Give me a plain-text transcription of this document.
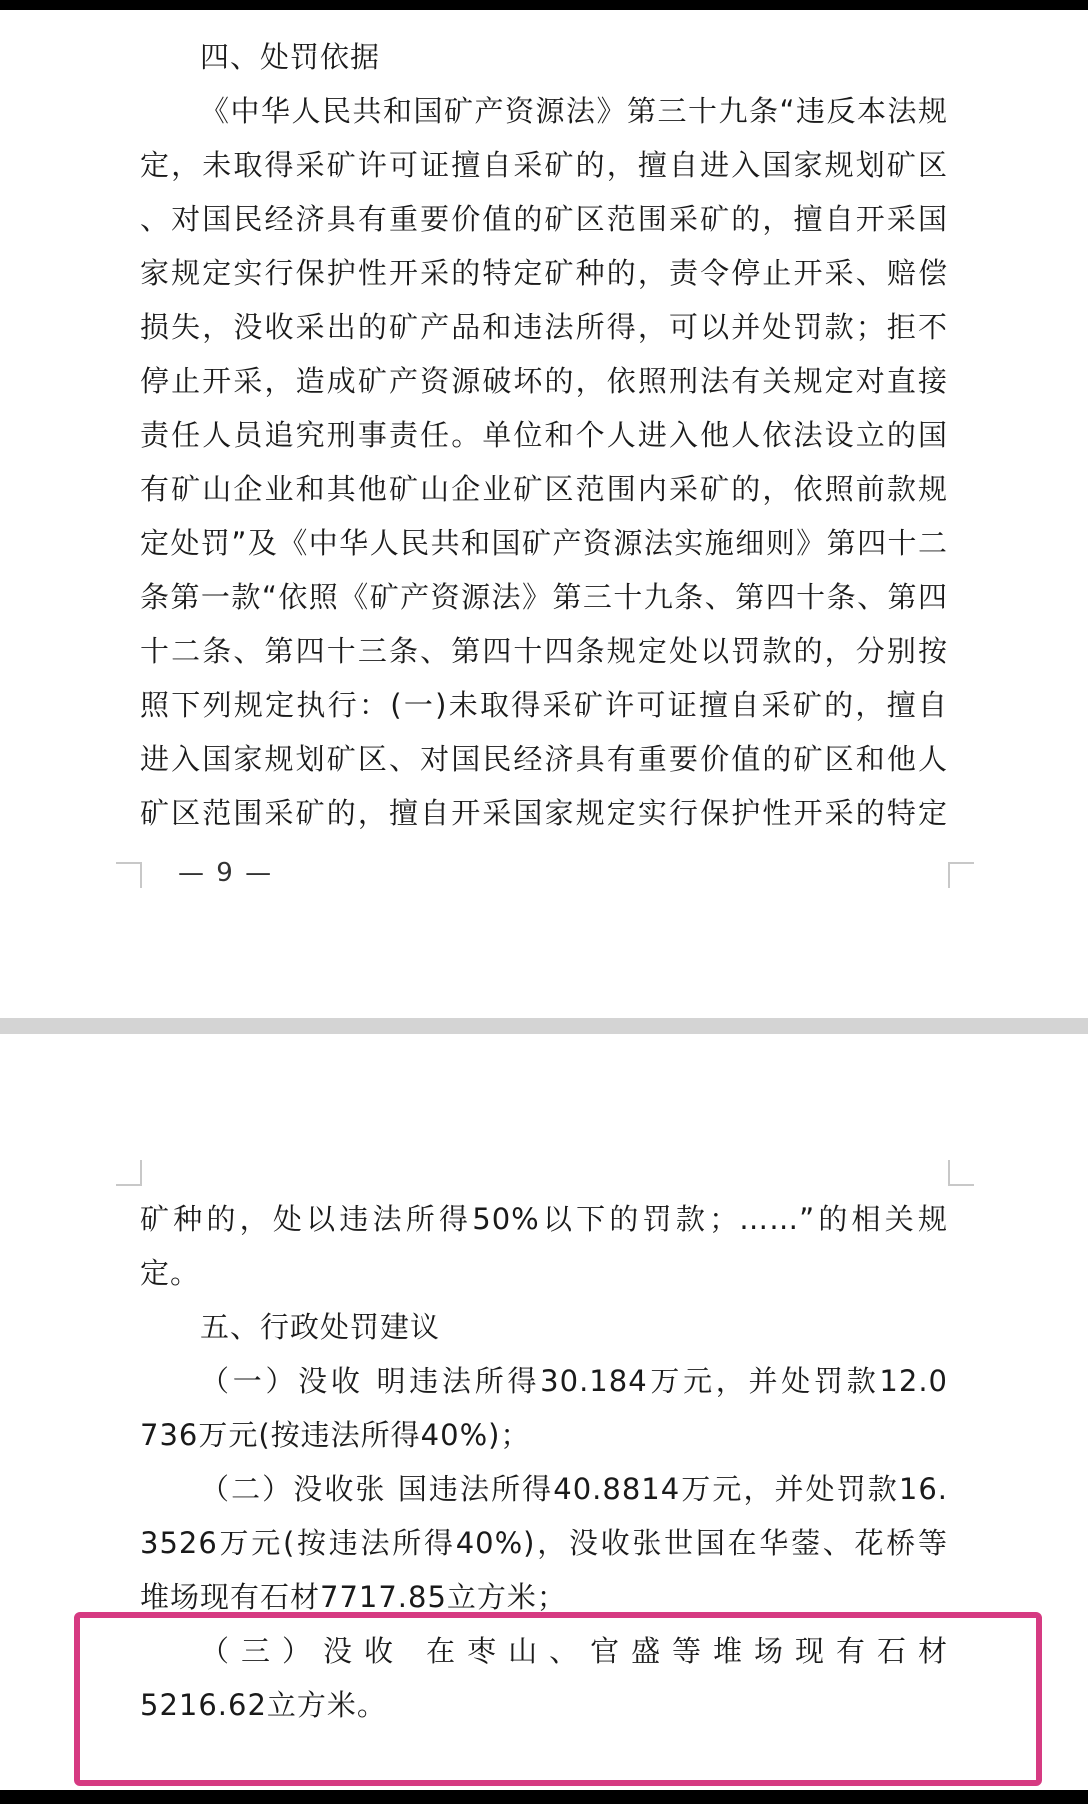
四、处罚依据
《中华人民共和国矿产资源法》第三十九条“违反本法规
定，未取得采矿许可证擅自采矿的，擅自进入国家规划矿区
、对国民经济具有重要价值的矿区范围采矿的，擅自开采国
家规定实行保护性开采的特定矿种的，责令停止开采、赔偿
损失，没收采出的矿产品和违法所得，可以并处罚款；拒不
停止开采，造成矿产资源破坏的，依照刑法有关规定对直接
责任人员追究刑事责任。单位和个人进入他人依法设立的国
有矿山企业和其他矿山企业矿区范围内采矿的，依照前款规
定处罚”及《中华人民共和国矿产资源法实施细则》第四十二
条第一款“依照《矿产资源法》第三十九条、第四十条、第四
十二条、第四十三条、第四十四条规定处以罚款的，分别按
照下列规定执行：(一)未取得采矿许可证擅自采矿的，擅自
进入国家规划矿区、对国民经济具有重要价值的矿区和他人
矿区范围采矿的，擅自开采国家规定实行保护性开采的特定
— 9 —
矿种的，处以违法所得50%以下的罚款；……”的相关规
定。
五、行政处罚建议
（一）没收 明违法所得30.184万元，并处罚款12.0
736万元(按违法所得40%)；
（二）没收张 国违法所得40.8814万元，并处罚款16.
3526万元(按违法所得40%)，没收张世国在华蓥、花桥等
堆场现有石材7717.85立方米；
（三）没收 在枣山、官盛等堆场现有石材
5216.62立方米。
